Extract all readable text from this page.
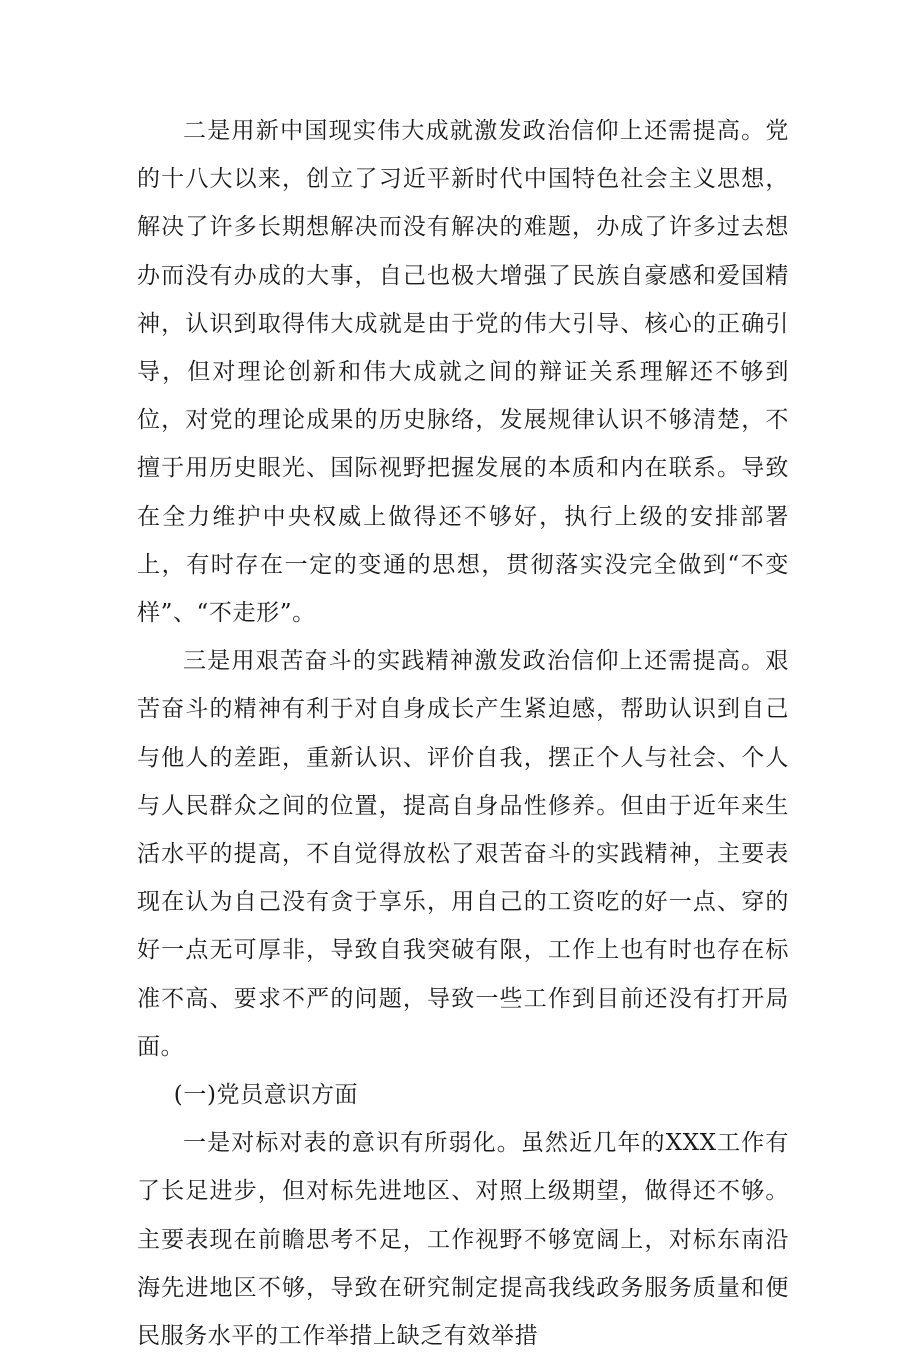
二是用新中国现实伟大成就激发政治信仰上还需提高。党的十八大以来，创立了习近平新时代中国特色社会主义思想，解决了许多长期想解决而没有解决的难题，办成了许多过去想办而没有办成的大事，自己也极大增强了民族自豪感和爱国精神，认识到取得伟大成就是由于党的伟大引导、核心的正确引导，但对理论创新和伟大成就之间的辩证关系理解还不够到位，对党的理论成果的历史脉络，发展规律认识不够清楚，不擅于用历史眼光、国际视野把握发展的本质和内在联系。导致在全力维护中央权威上做得还不够好，执行上级的安排部署上，有时存在一定的变通的思想，贯彻落实没完全做到“不变样”、“不走形”。

三是用艰苦奋斗的实践精神激发政治信仰上还需提高。艰苦奋斗的精神有利于对自身成长产生紧迫感，帮助认识到自己与他人的差距，重新认识、评价自我，摆正个人与社会、个人与人民群众之间的位置，提高自身品性修养。但由于近年来生活水平的提高，不自觉得放松了艰苦奋斗的实践精神，主要表现在认为自己没有贪于享乐，用自己的工资吃的好一点、穿的好一点无可厚非，导致自我突破有限，工作上也有时也存在标准不高、要求不严的问题，导致一些工作到目前还没有打开局面。

(一)党员意识方面

一是对标对表的意识有所弱化。虽然近几年的XXX工作有了长足进步，但对标先进地区、对照上级期望，做得还不够。主要表现在前瞻思考不足，工作视野不够宽阔上，对标东南沿海先进地区不够，导致在研究制定提高我线政务服务质量和便民服务水平的工作举措上缺乏有效举措
